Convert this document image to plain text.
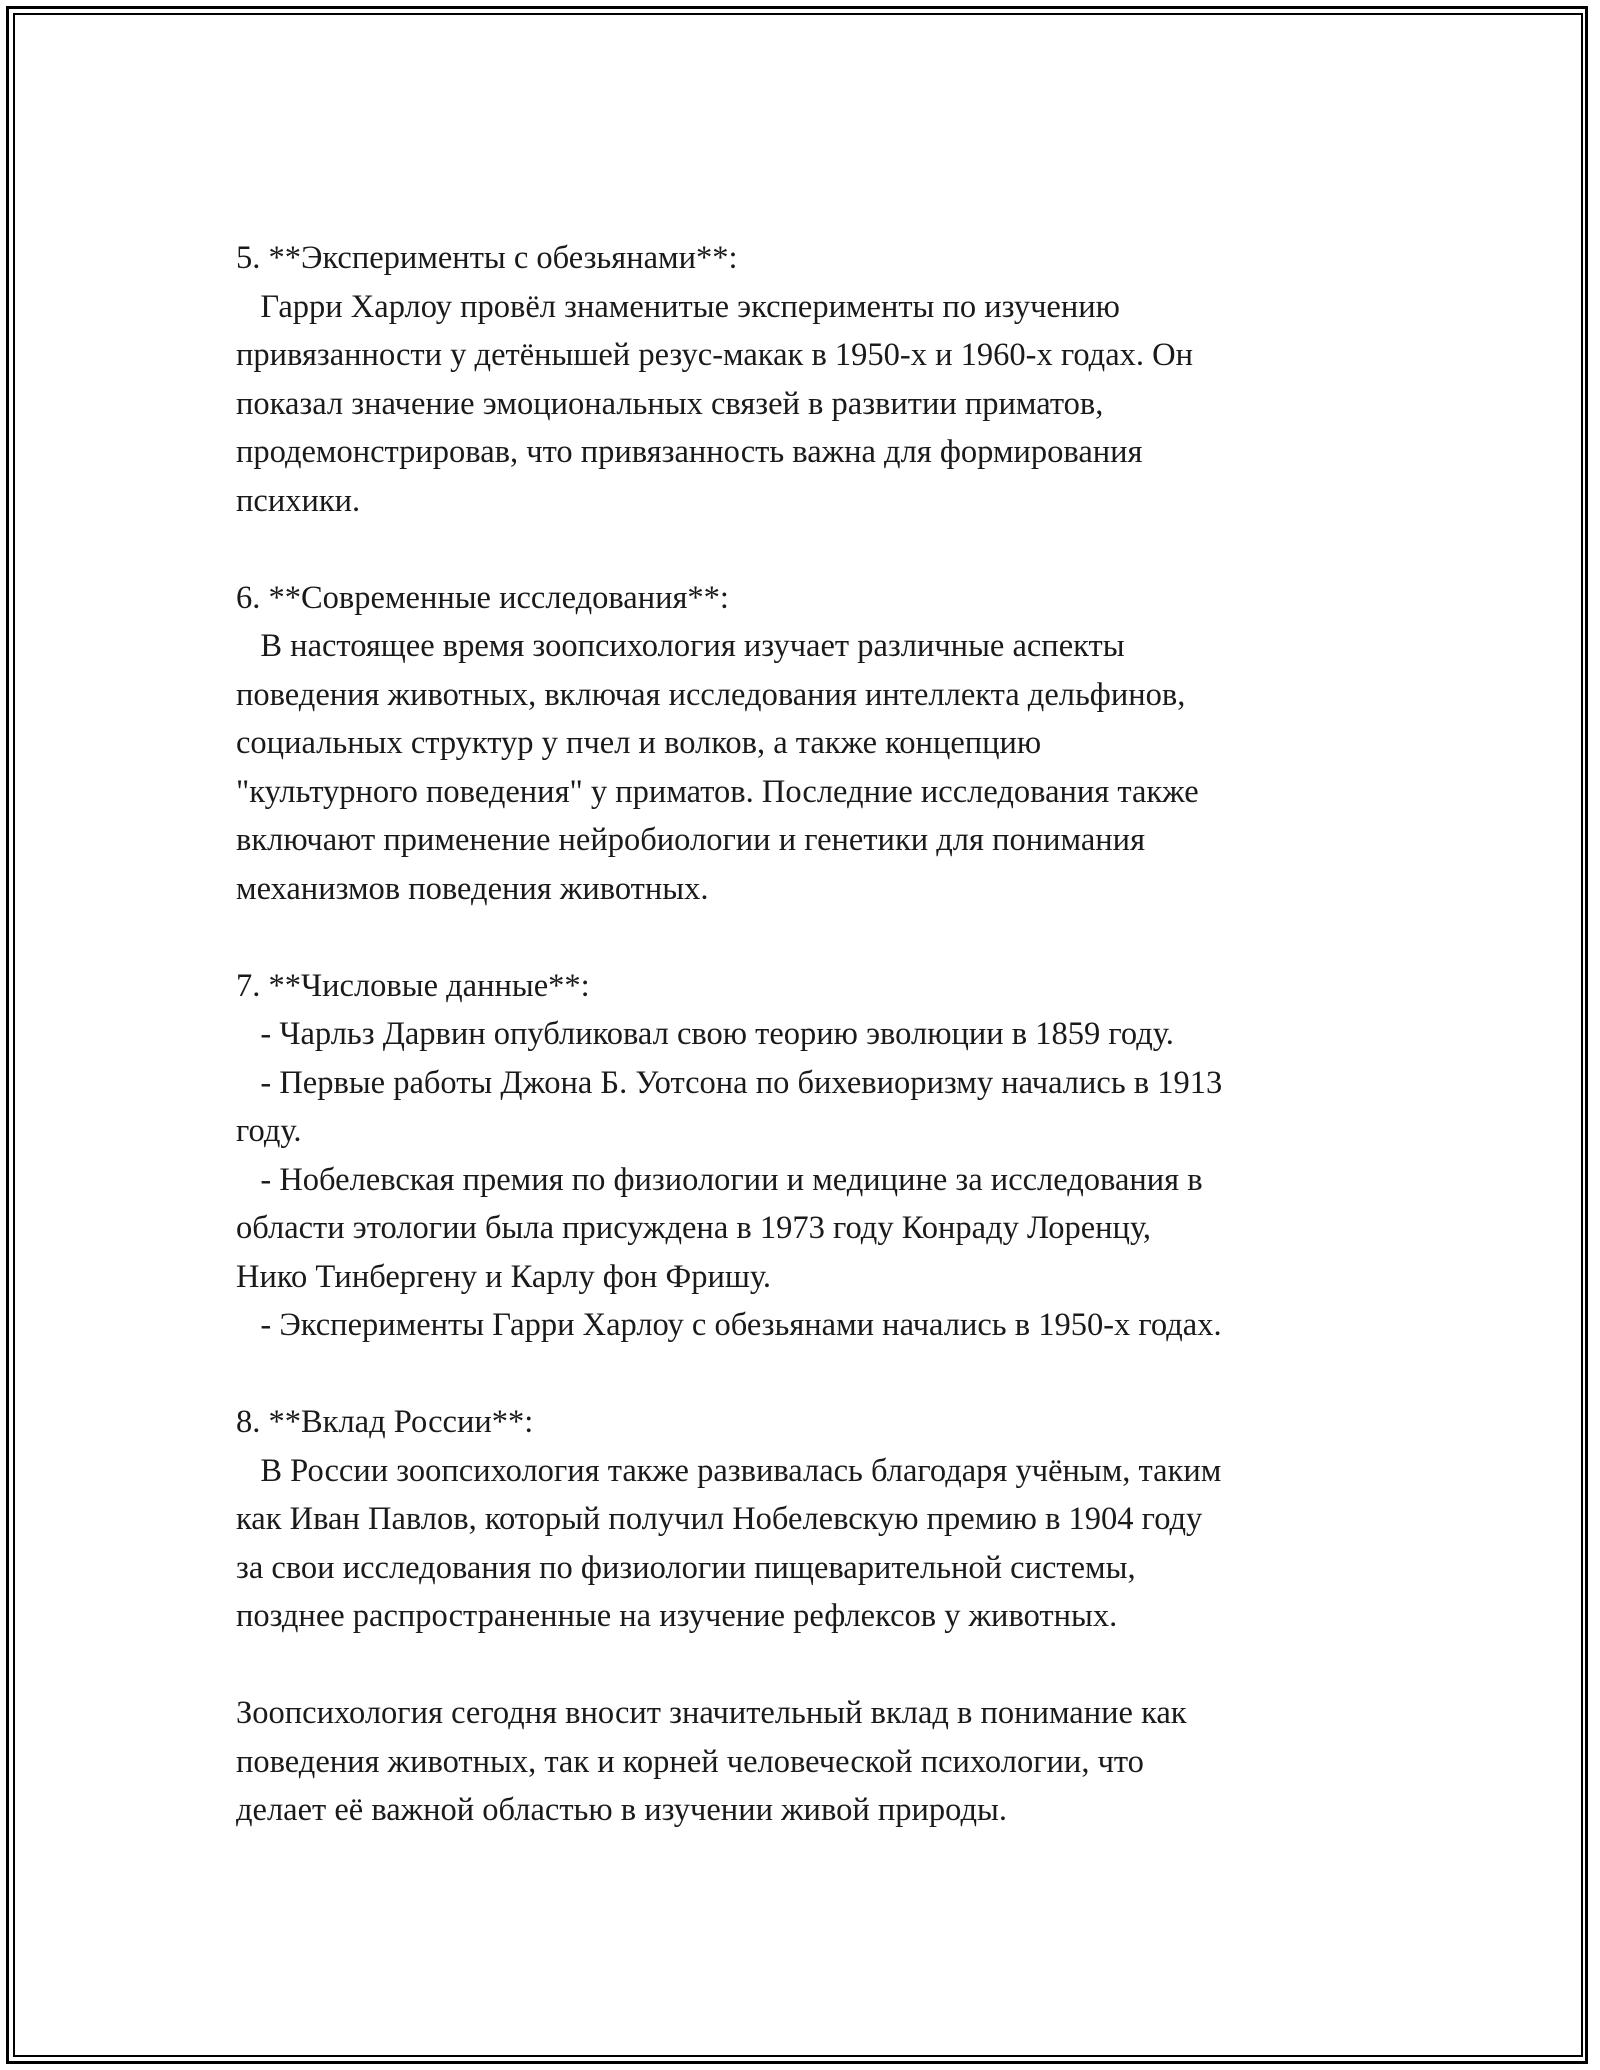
5. **Эксперименты с обезьянами**:
Гарри Харлоу провёл знаменитые эксперименты по изучению
привязанности у детёнышей резус-макак в 1950-х и 1960-х годах. Он
показал значение эмоциональных связей в развитии приматов,
продемонстрировав, что привязанность важна для формирования
психики.
6. **Современные исследования**:
В настоящее время зоопсихология изучает различные аспекты
поведения животных, включая исследования интеллекта дельфинов,
социальных структур у пчел и волков, а также концепцию
"культурного поведения" у приматов. Последние исследования также
включают применение нейробиологии и генетики для понимания
механизмов поведения животных.
7. **Числовые данные**:
- Чарльз Дарвин опубликовал свою теорию эволюции в 1859 году.
- Первые работы Джона Б. Уотсона по бихевиоризму начались в 1913
году.
- Нобелевская премия по физиологии и медицине за исследования в
области этологии была присуждена в 1973 году Конраду Лоренцу,
Нико Тинбергену и Карлу фон Фришу.
- Эксперименты Гарри Харлоу с обезьянами начались в 1950-х годах.
8. **Вклад России**:
В России зоопсихология также развивалась благодаря учёным, таким
как Иван Павлов, который получил Нобелевскую премию в 1904 году
за свои исследования по физиологии пищеварительной системы,
позднее распространенные на изучение рефлексов у животных.
Зоопсихология сегодня вносит значительный вклад в понимание как
поведения животных, так и корней человеческой психологии, что
делает её важной областью в изучении живой природы.
